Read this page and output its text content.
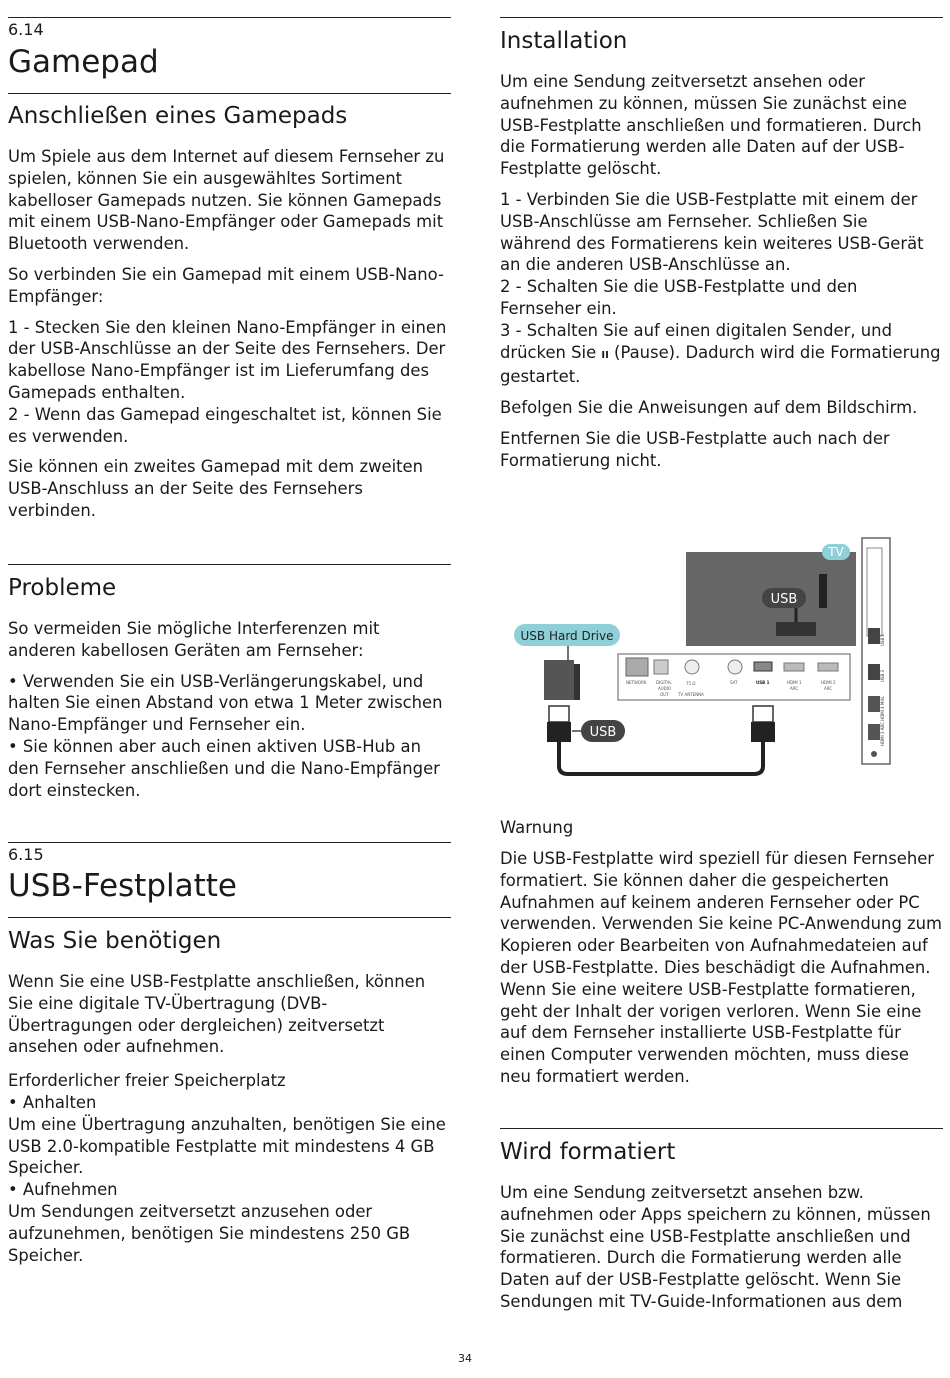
6.14

Gamepad
Anschließen eines Gamepads

Um Spiele aus dem Internet auf diesem Fernseher zu spielen, können Sie ein ausgewähltes Sortiment kabelloser Gamepads nutzen. Sie können Gamepads mit einem USB-Nano-Empfänger oder Gamepads mit Bluetooth verwenden.

So verbinden Sie ein Gamepad mit einem USB-Nano-Empfänger:

1 - Stecken Sie den kleinen Nano-Empfänger in einen der USB-Anschlüsse an der Seite des Fernsehers. Der kabellose Nano-Empfänger ist im Lieferumfang des Gamepads enthalten.

2 - Wenn das Gamepad eingeschaltet ist, können Sie es verwenden.

Sie können ein zweites Gamepad mit dem zweiten USB-Anschluss an der Seite des Fernsehers verbinden.

Probleme

So vermeiden Sie mögliche Interferenzen mit anderen kabellosen Geräten am Fernseher:

• Verwenden Sie ein USB-Verlängerungskabel, und halten Sie einen Abstand von etwa 1 Meter zwischen Nano-Empfänger und Fernseher ein.

• Sie können aber auch einen aktiven USB-Hub an den Fernseher anschließen und die Nano-Empfänger dort einstecken.

6.15

USB-Festplatte
Was Sie benötigen

Wenn Sie eine USB-Festplatte anschließen, können Sie eine digitale TV-Übertragung (DVB-Übertragungen oder dergleichen) zeitversetzt ansehen oder aufnehmen.

Erforderlicher freier Speicherplatz

• Anhalten

Um eine Übertragung anzuhalten, benötigen Sie eine USB 2.0-kompatible Festplatte mit mindestens 4 GB Speicher.

• Aufnehmen

Um Sendungen zeitversetzt anzusehen oder aufzunehmen, benötigen Sie mindestens 250 GB Speicher.

Installation

Um eine Sendung zeitversetzt ansehen oder aufnehmen zu können, müssen Sie zunächst eine USB-Festplatte anschließen und formatieren. Durch die Formatierung werden alle Daten auf der USB-Festplatte gelöscht.

1 - Verbinden Sie die USB-Festplatte mit einem der USB-Anschlüsse am Fernseher. Schließen Sie während des Formatierens kein weiteres USB-Gerät an die anderen USB-Anschlüsse an.

2 - Schalten Sie die USB-Festplatte und den Fernseher ein.

3 - Schalten Sie auf einen digitalen Sender, und drücken Sie II (Pause). Dadurch wird die Formatierung gestartet.

Befolgen Sie die Anweisungen auf dem Bildschirm.

Entfernen Sie die USB-Festplatte auch nach der Formatierung nicht.

USB 2
USB 3
HDMI 3 ARC HDMI 4 MHL
NETWORK DIGITAL
AUDIO
OUT
75 Ω
TV ANTENNA
SAT	USB 1	HDMI 1
ARC
HDMI 2
ARC
TV
USB
USB Hard Drive
USB

Warnung

Die USB-Festplatte wird speziell für diesen Fernseher formatiert. Sie können daher die gespeicherten Aufnahmen auf keinem anderen Fernseher oder PC verwenden. Verwenden Sie keine PC-Anwendung zum Kopieren oder Bearbeiten von Aufnahmedateien auf der USB-Festplatte. Dies beschädigt die Aufnahmen. Wenn Sie eine weitere USB-Festplatte formatieren, geht der Inhalt der vorigen verloren. Wenn Sie eine auf dem Fernseher installierte USB-Festplatte für einen Computer verwenden möchten, muss diese neu formatiert werden.

Wird formatiert

Um eine Sendung zeitversetzt ansehen bzw. aufnehmen oder Apps speichern zu können, müssen Sie zunächst eine USB-Festplatte anschließen und formatieren. Durch die Formatierung werden alle Daten auf der USB-Festplatte gelöscht. Wenn Sie Sendungen mit TV-Guide-Informationen aus dem

34
